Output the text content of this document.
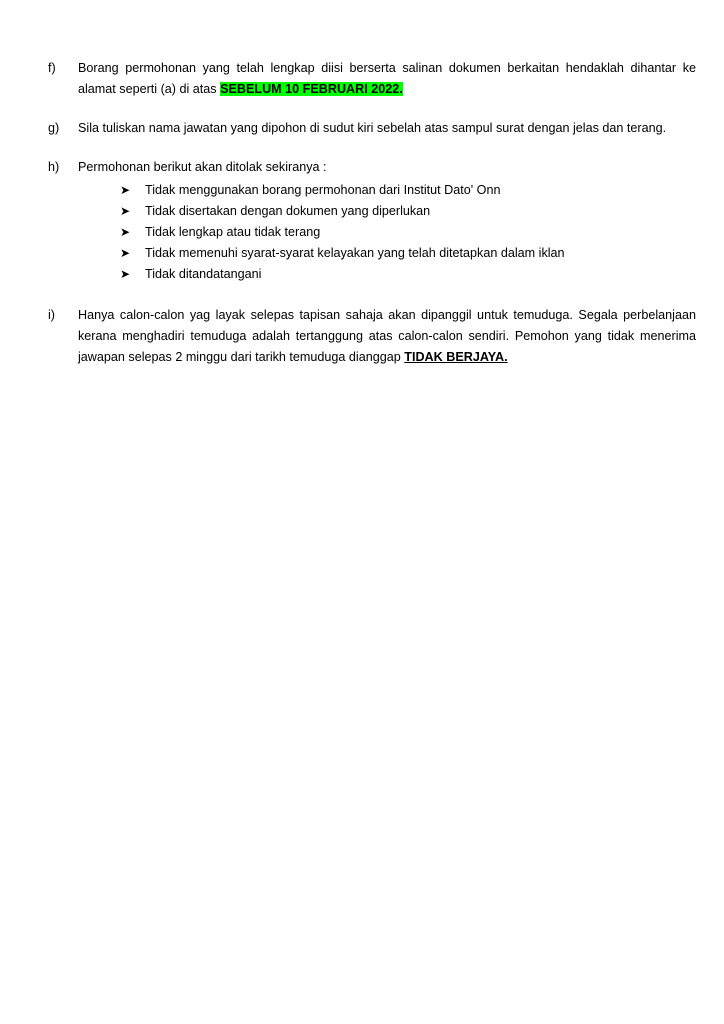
f)	Borang permohonan yang telah lengkap diisi berserta salinan dokumen berkaitan hendaklah dihantar ke alamat seperti (a) di atas SEBELUM 10 FEBRUARI 2022.
g)	Sila tuliskan nama jawatan yang dipohon di sudut kiri sebelah atas sampul surat dengan jelas dan terang.
h)	Permohonan berikut akan ditolak sekiranya :
➤ Tidak menggunakan borang permohonan dari Institut Dato' Onn
➤ Tidak disertakan dengan dokumen yang diperlukan
➤ Tidak lengkap atau tidak terang
➤ Tidak memenuhi syarat-syarat kelayakan yang telah ditetapkan dalam iklan
➤ Tidak ditandatangani
i)	Hanya calon-calon yag layak selepas tapisan sahaja akan dipanggil untuk temuduga. Segala perbelanjaan kerana menghadiri temuduga adalah tertanggung atas calon-calon sendiri. Pemohon yang tidak menerima jawapan selepas 2 minggu dari tarikh temuduga dianggap TIDAK BERJAYA.
